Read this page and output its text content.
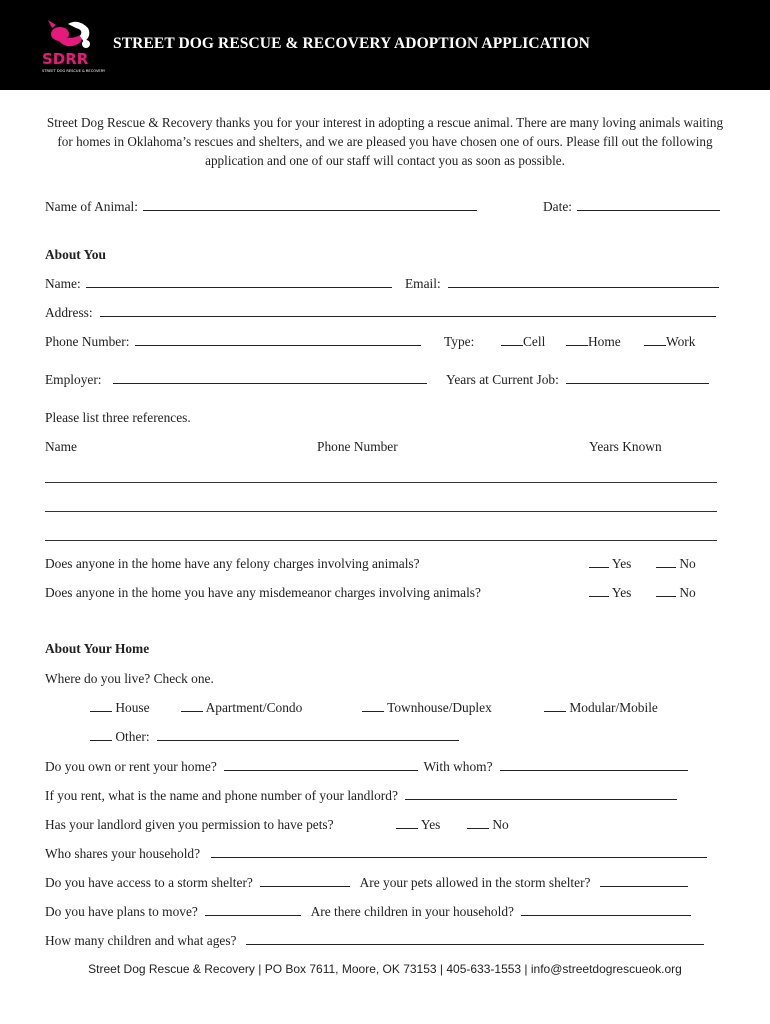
SDRR
STREET DOG RESCUE & RECOVERY
STREET DOG RESCUE & RECOVERY ADOPTION APPLICATION
Street Dog Rescue & Recovery thanks you for your interest in adopting a rescue animal. There are many loving animals waiting for homes in Oklahoma’s rescues and shelters, and we are pleased you have chosen one of ours. Please fill out the following application and one of our staff will contact you as soon as possible.
Name of Animal:	Date:
About You
Name:	Email:
Address:
Phone Number:	Type:	Cell	Home	Work
Employer:	Years at Current Job:
Please list three references.
Name	Phone Number	Years Known
Does anyone in the home have any felony charges involving animals?	Yes	No
Does anyone in the home you have any misdemeanor charges involving animals?	Yes	No
About Your Home
Where do you live? Check one.
House	Apartment/Condo	Townhouse/Duplex	Modular/Mobile
Other:
Do you own or rent your home?	With whom?
If you rent, what is the name and phone number of your landlord?
Has your landlord given you permission to have pets?	Yes	No
Who shares your household?
Do you have access to a storm shelter?	Are your pets allowed in the storm shelter?
Do you have plans to move?	Are there children in your household?
How many children and what ages?
Street Dog Rescue & Recovery | PO Box 7611, Moore, OK 73153 | 405-633-1553 | info@streetdogrescueok.org
